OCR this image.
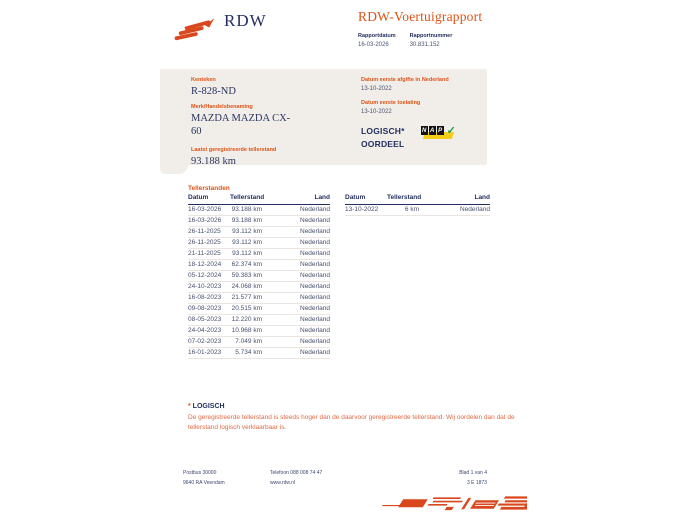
RDW	RDW-Voertuigrapport
Rapportdatum
16-03-2026
Rapportnummer
30.831.152
Kenteken
R-828-ND
Merk/Handelsbenaming
MAZDA MAZDA CX-60
Laatst geregistreerde tellerstand
93.188 km
Datum eerste afgifte in Nederland
13-10-2022
Datum eerste toelating
13-10-2022
LOGISCH*
OORDEEL
N A P ✓
Tellerstanden
Datum	Tellerstand	Land
16-03-2026	93.188 km	Nederland
16-03-2026	93.188 km	Nederland
26-11-2025	93.112 km	Nederland
26-11-2025	93.112 km	Nederland
21-11-2025	93.112 km	Nederland
18-12-2024	62.374 km	Nederland
05-12-2024	59.383 km	Nederland
24-10-2023	24.068 km	Nederland
16-08-2023	21.577 km	Nederland
09-08-2023	20.515 km	Nederland
08-05-2023	12.220 km	Nederland
24-04-2023	10.968 km	Nederland
07-02-2023	7.049 km	Nederland
16-01-2023	5.734 km	Nederland
Datum	Tellerstand	Land
13-10-2022	6 km	Nederland
* LOGISCH
De geregistreerde tellerstand is steeds hoger dan de daarvoor geregistreerde tellerstand. Wij oordelen dan dat de tellerstand logisch verklaarbaar is.
Postbus 30000
9640 RA Veendam
Telefoon 088 008 74 47
www.rdw.nl
Blad 1 van 4
3 E 1873
